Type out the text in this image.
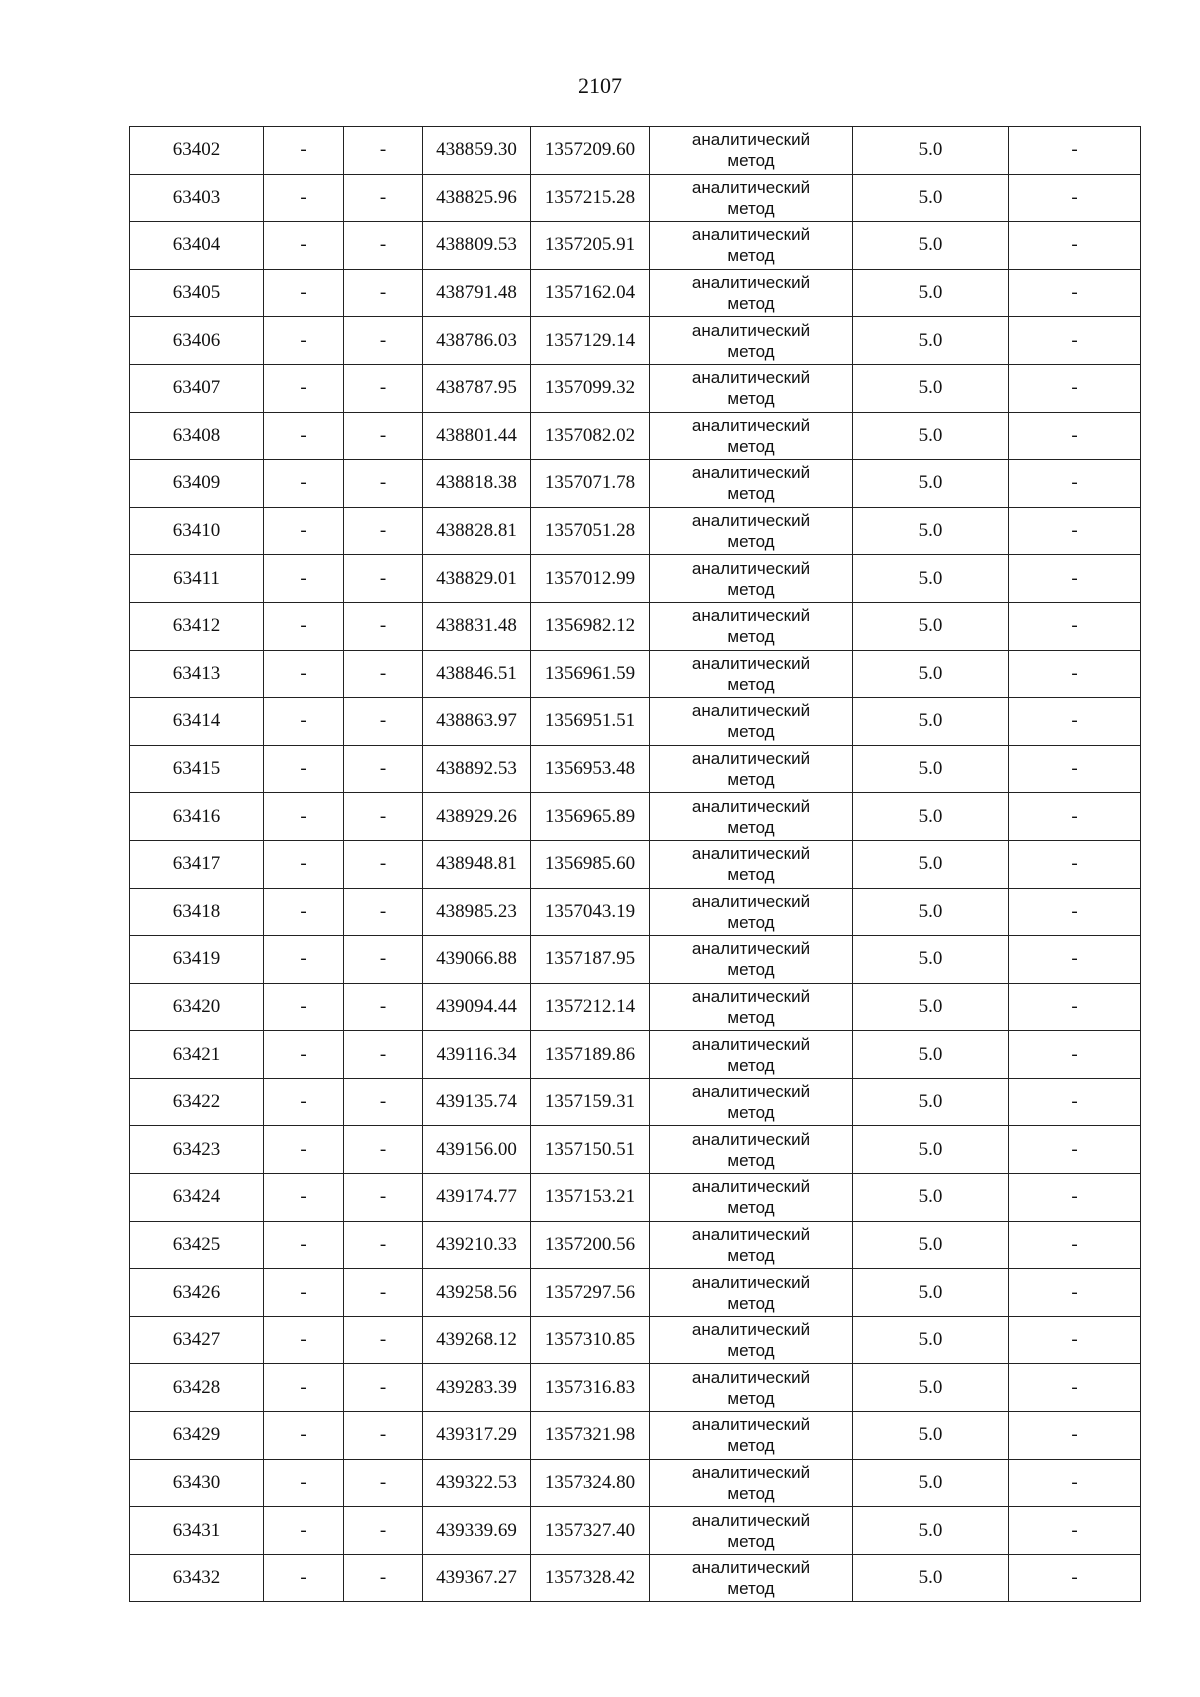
2107
63402	-	-	438859.30	1357209.60	аналитический
метод	5.0	-
63403	-	-	438825.96	1357215.28	аналитический
метод	5.0	-
63404	-	-	438809.53	1357205.91	аналитический
метод	5.0	-
63405	-	-	438791.48	1357162.04	аналитический
метод	5.0	-
63406	-	-	438786.03	1357129.14	аналитический
метод	5.0	-
63407	-	-	438787.95	1357099.32	аналитический
метод	5.0	-
63408	-	-	438801.44	1357082.02	аналитический
метод	5.0	-
63409	-	-	438818.38	1357071.78	аналитический
метод	5.0	-
63410	-	-	438828.81	1357051.28	аналитический
метод	5.0	-
63411	-	-	438829.01	1357012.99	аналитический
метод	5.0	-
63412	-	-	438831.48	1356982.12	аналитический
метод	5.0	-
63413	-	-	438846.51	1356961.59	аналитический
метод	5.0	-
63414	-	-	438863.97	1356951.51	аналитический
метод	5.0	-
63415	-	-	438892.53	1356953.48	аналитический
метод	5.0	-
63416	-	-	438929.26	1356965.89	аналитический
метод	5.0	-
63417	-	-	438948.81	1356985.60	аналитический
метод	5.0	-
63418	-	-	438985.23	1357043.19	аналитический
метод	5.0	-
63419	-	-	439066.88	1357187.95	аналитический
метод	5.0	-
63420	-	-	439094.44	1357212.14	аналитический
метод	5.0	-
63421	-	-	439116.34	1357189.86	аналитический
метод	5.0	-
63422	-	-	439135.74	1357159.31	аналитический
метод	5.0	-
63423	-	-	439156.00	1357150.51	аналитический
метод	5.0	-
63424	-	-	439174.77	1357153.21	аналитический
метод	5.0	-
63425	-	-	439210.33	1357200.56	аналитический
метод	5.0	-
63426	-	-	439258.56	1357297.56	аналитический
метод	5.0	-
63427	-	-	439268.12	1357310.85	аналитический
метод	5.0	-
63428	-	-	439283.39	1357316.83	аналитический
метод	5.0	-
63429	-	-	439317.29	1357321.98	аналитический
метод	5.0	-
63430	-	-	439322.53	1357324.80	аналитический
метод	5.0	-
63431	-	-	439339.69	1357327.40	аналитический
метод	5.0	-
63432	-	-	439367.27	1357328.42	аналитический
метод	5.0	-
